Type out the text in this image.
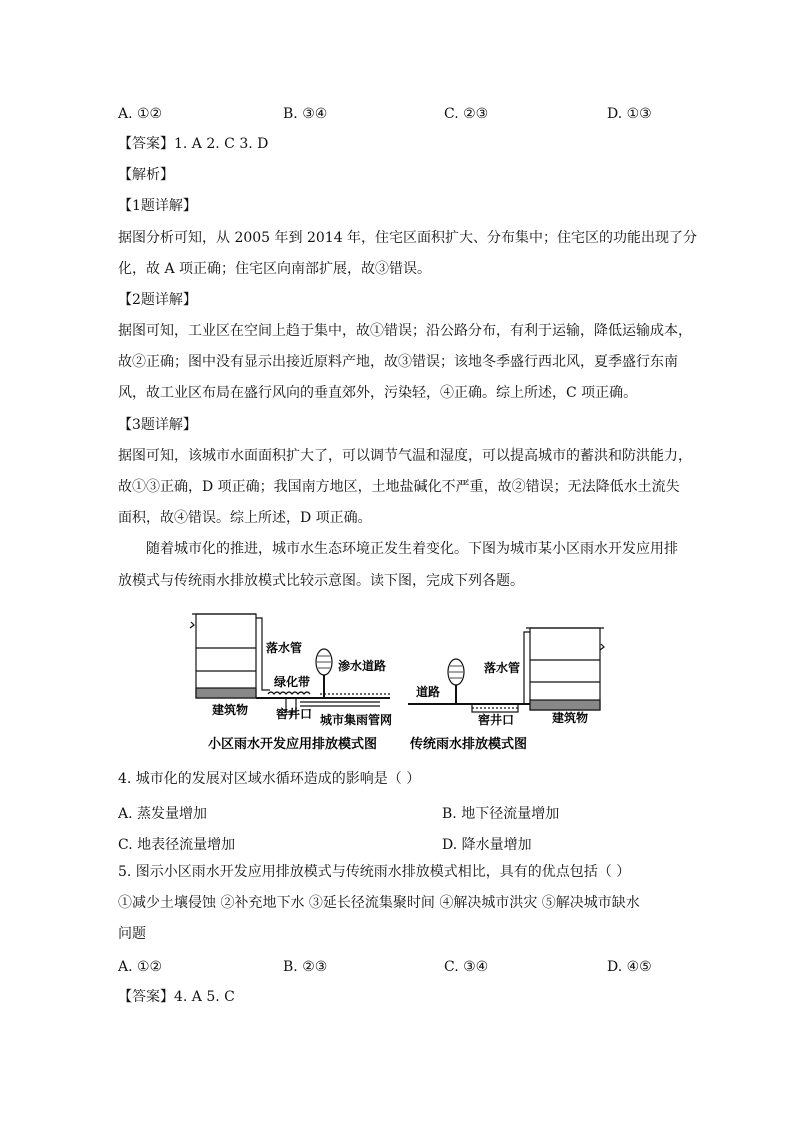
A. ①②	B. ③④	C. ②③	D. ①③
【答案】1. A 2. C 3. D
【解析】
【1题详解】
据图分析可知，从 2005 年到 2014 年，住宅区面积扩大、分布集中；住宅区的功能出现了分
化，故 A 项正确；住宅区向南部扩展，故③错误。
【2题详解】
据图可知，工业区在空间上趋于集中，故①错误；沿公路分布，有利于运输，降低运输成本，
故②正确；图中没有显示出接近原料产地，故③错误；该地冬季盛行西北风，夏季盛行东南
风，故工业区布局在盛行风向的垂直郊外，污染轻，④正确。综上所述，C 项正确。
【3题详解】
据图可知，该城市水面面积扩大了，可以调节气温和湿度，可以提高城市的蓄洪和防洪能力，
故①③正确，D 项正确；我国南方地区，土地盐碱化不严重，故②错误；无法降低水土流失
面积，故④错误。综上所述，D 项正确。
随着城市化的推进，城市水生态环境正发生着变化。下图为城市某小区雨水开发应用排
放模式与传统雨水排放模式比较示意图。读下图，完成下列各题。
落水管
渗水道路
绿化带
建筑物 窖井口 城市集雨管网
小区雨水开发应用排放模式图
落水管
道路
窖井口	建筑物
传统雨水排放模式图
4. 城市化的发展对区域水循环造成的影响是（ ）
A. 蒸发量增加	B. 地下径流量增加
C. 地表径流量增加	D. 降水量增加
5. 图示小区雨水开发应用排放模式与传统雨水排放模式相比，具有的优点包括（ ）
①减少土壤侵蚀 ②补充地下水 ③延长径流集聚时间 ④解决城市洪灾 ⑤解决城市缺水
问题
A. ①②	B. ②③	C. ③④	D. ④⑤
【答案】4. A 5. C
